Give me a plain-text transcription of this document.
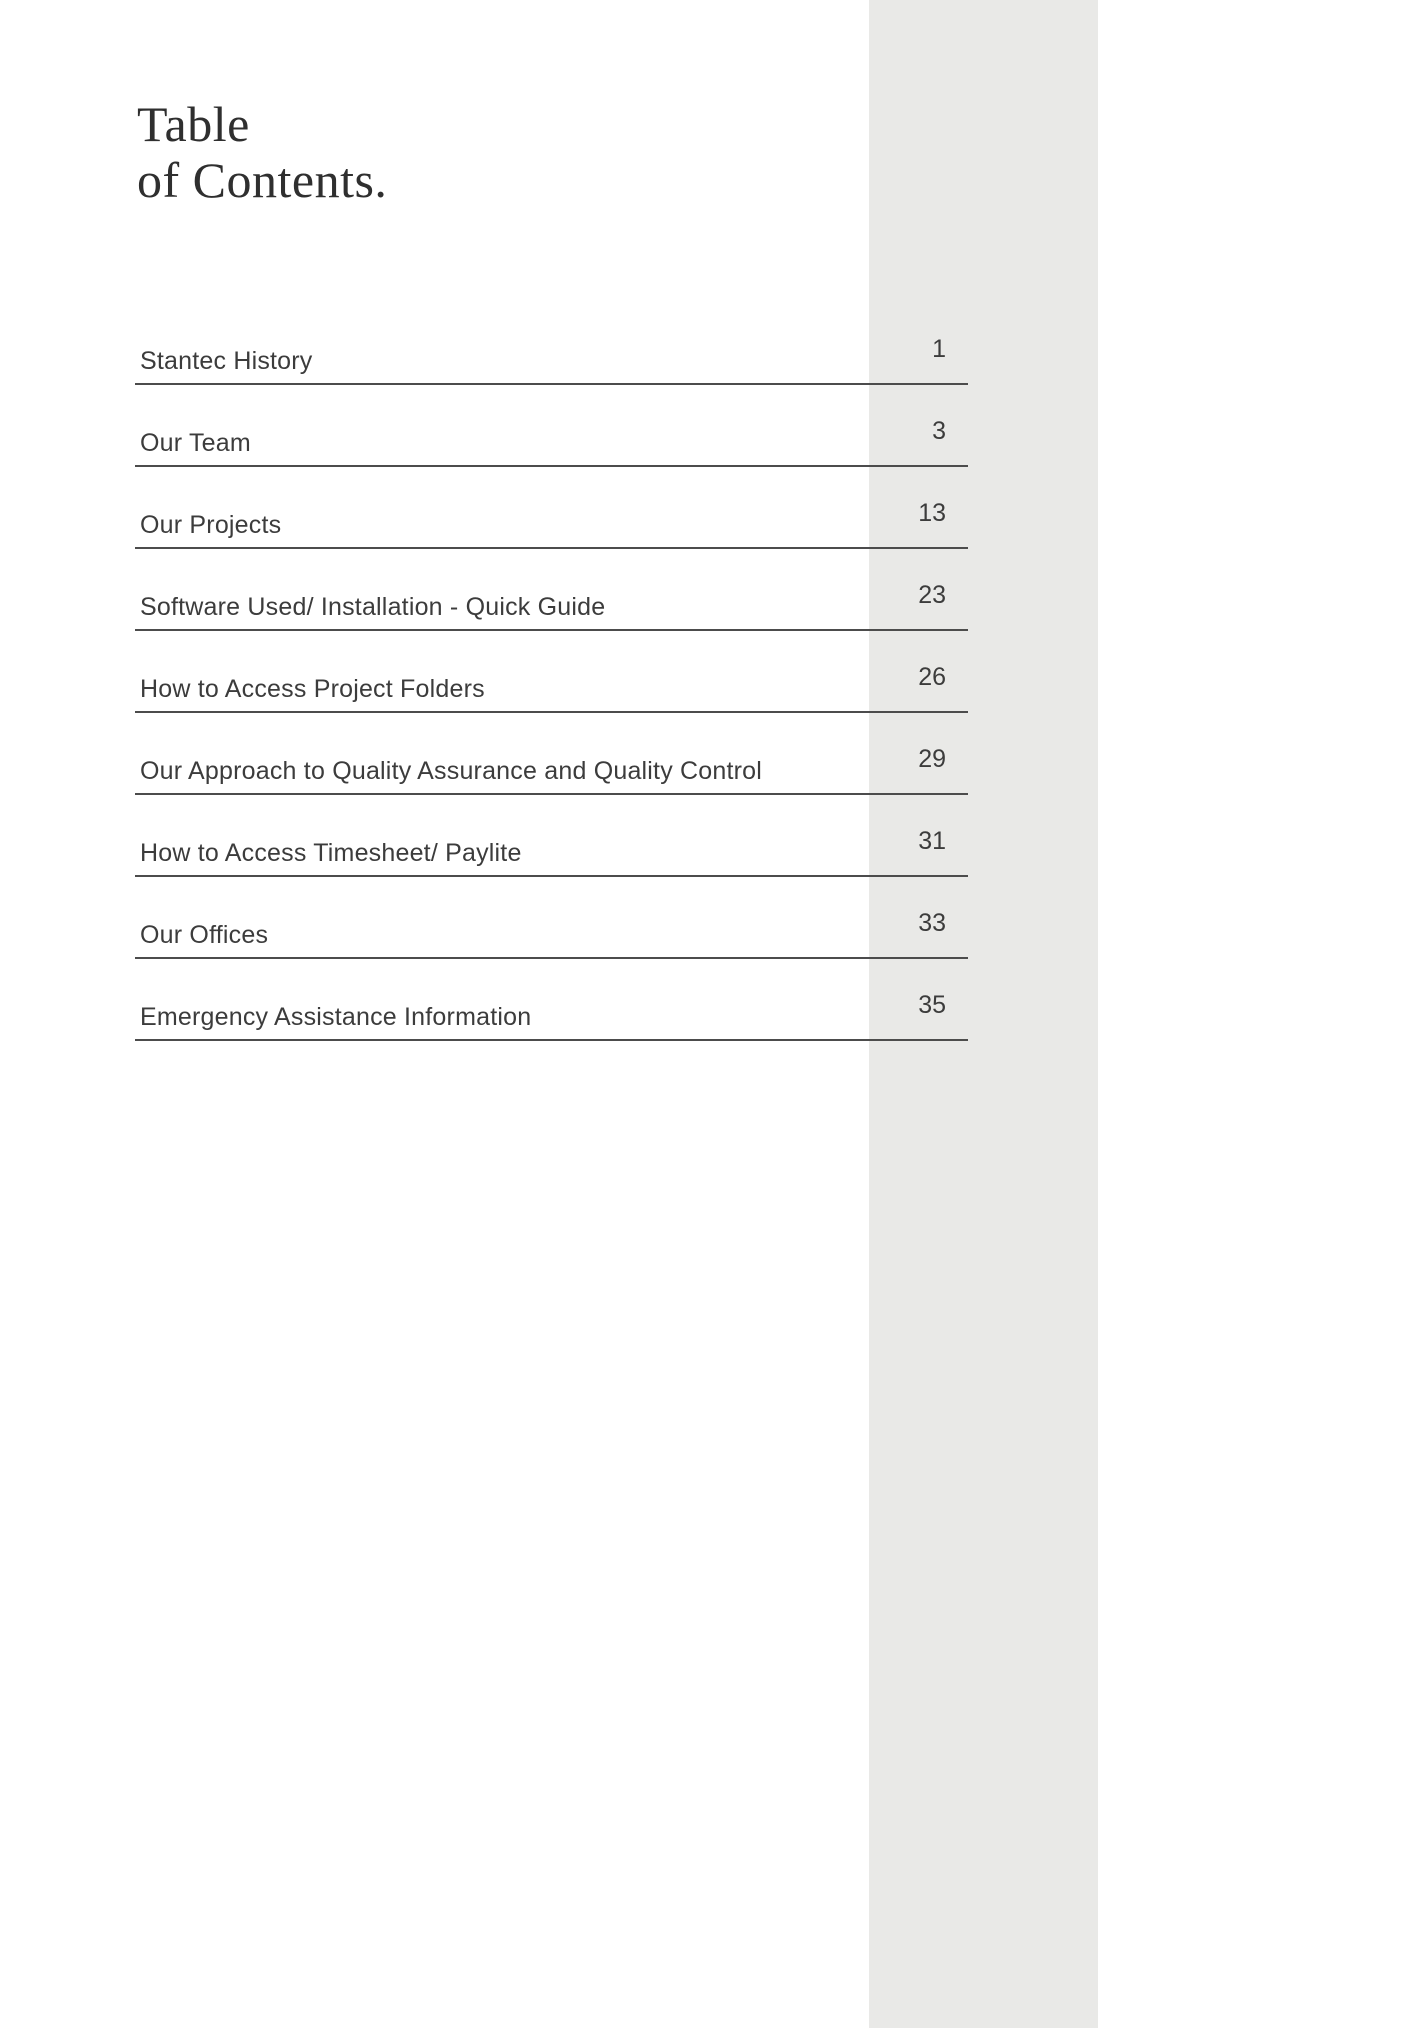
Table
of Contents.
Stantec History	1
Our Team	3
Our Projects	13
Software Used/ Installation - Quick Guide	23
How to Access Project Folders	26
Our Approach to Quality Assurance and Quality Control	29
How to Access Timesheet/ Paylite	31
Our Offices	33
Emergency Assistance Information	35
